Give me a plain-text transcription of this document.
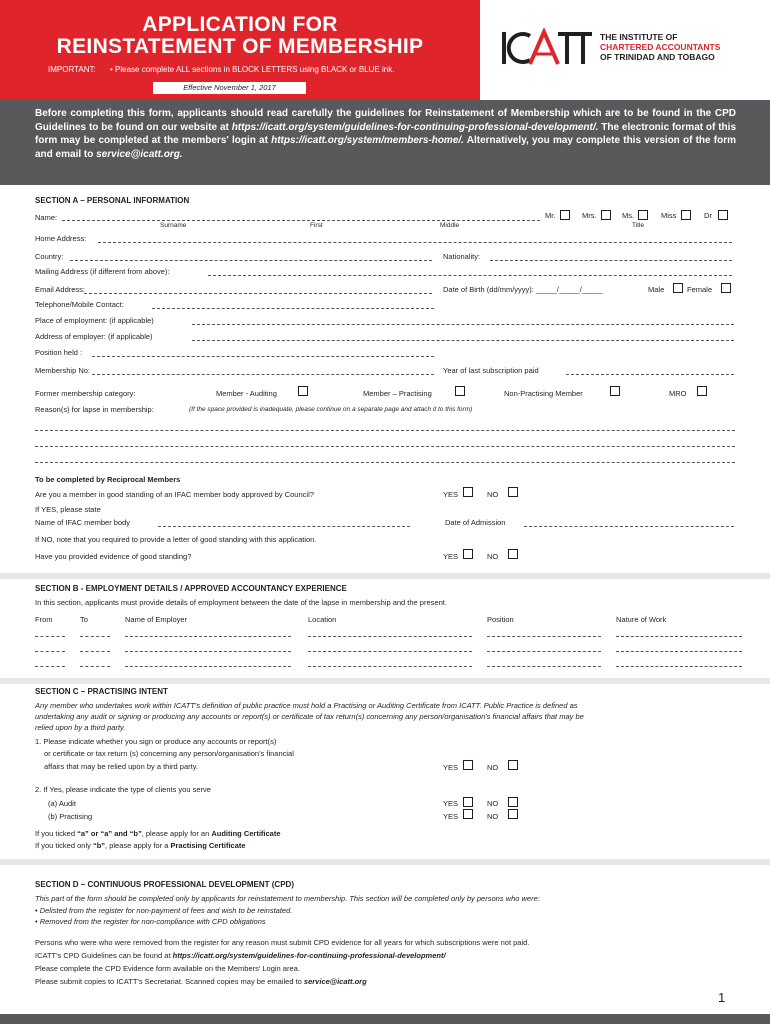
APPLICATION FOR
REINSTATEMENT OF MEMBERSHIP
IMPORTANT: • Please complete ALL sections in BLOCK LETTERS using BLACK or BLUE ink.
Effective November 1, 2017
THE INSTITUTE OF
CHARTERED ACCOUNTANTS
OF TRINIDAD AND TOBAGO
Before completing this form, applicants should read carefully the guidelines for Reinstatement of Membership which are to be found in the CPD Guidelines to be found on our website at https://icatt.org/system/guidelines-for-continuing-professional-development/. The electronic format of this form may be completed at the members' login at https://icatt.org/system/members-home/. Alternatively, you may complete this version of the form and email to service@icatt.org.
SECTION A – PERSONAL INFORMATION
Name:	Mr.	Mrs.	Ms.	Miss	Dr
Surname	First	Middle	Title
Home Address:
Country:	Nationality:
Mailing Address (if different from above):
Email Address:	Date of Birth (dd/mm/yyyy): _____/_____/_____	Male	Female
Telephone/Mobile Contact:
Place of employment: (if applicable)
Address of employer: (if applicable)
Position held :
Membership No:	Year of last subscription paid
Former membership category:	Member - Auditing	Member – Practising	Non-Practising Member	MRO
Reason(s) for lapse in membership:	(If the space provided is inadequate, please continue on a separate page and attach it to this form)
To be completed by Reciprocal Members
Are you a member in good standing of an IFAC member body approved by Council?	YES	NO
If YES, please state
Name of IFAC member body	Date of Admission
If NO, note that you required to provide a letter of good standing with this application.
Have you provided evidence of good standing?	YES	NO
SECTION B - EMPLOYMENT DETAILS / APPROVED ACCOUNTANCY EXPERIENCE
In this section, applicants must provide details of employment between the date of the lapse in membership and the present.
From	To	Name of Employer	Location	Position	Nature of Work
SECTION C – PRACTISING INTENT
Any member who undertakes work within ICATT's definition of public practice must hold a Practising or Auditing Certificate from ICATT. Public Practice is defined as
undertaking any audit or signing or producing any accounts or report(s) or certificate of tax return(s) concerning any person/organisation's financial affairs that may be
relied upon by a third party.
1. Please indicate whether you sign or produce any accounts or report(s)
or certificate or tax return (s) concerning any person/organisation's financial
affairs that may be relied upon by a third party.	YES	NO
2. If Yes, please indicate the type of clients you serve
(a) Audit	YES	NO
(b) Practising	YES	NO
If you ticked “a” or “a” and “b”, please apply for an Auditing Certificate
If you ticked only “b”, please apply for a Practising Certificate
SECTION D – CONTINUOUS PROFESSIONAL DEVELOPMENT (CPD)
This part of the form should be completed only by applicants for reinstatement to membership. This section will be completed only by persons who were:
• Delisted from the register for non-payment of fees and wish to be reinstated.
• Removed from the register for non-compliance with CPD obligations
Persons who were who were removed from the register for any reason must submit CPD evidence for all years for which subscriptions were not paid.
ICATT's CPD Guidelines can be found at https://icatt.org/system/guidelines-for-continuing-professional-development/
Please complete the CPD Evidence form available on the Members' Login area.
Please submit copies to ICATT's Secretariat. Scanned copies may be emailed to service@icatt.org
1
